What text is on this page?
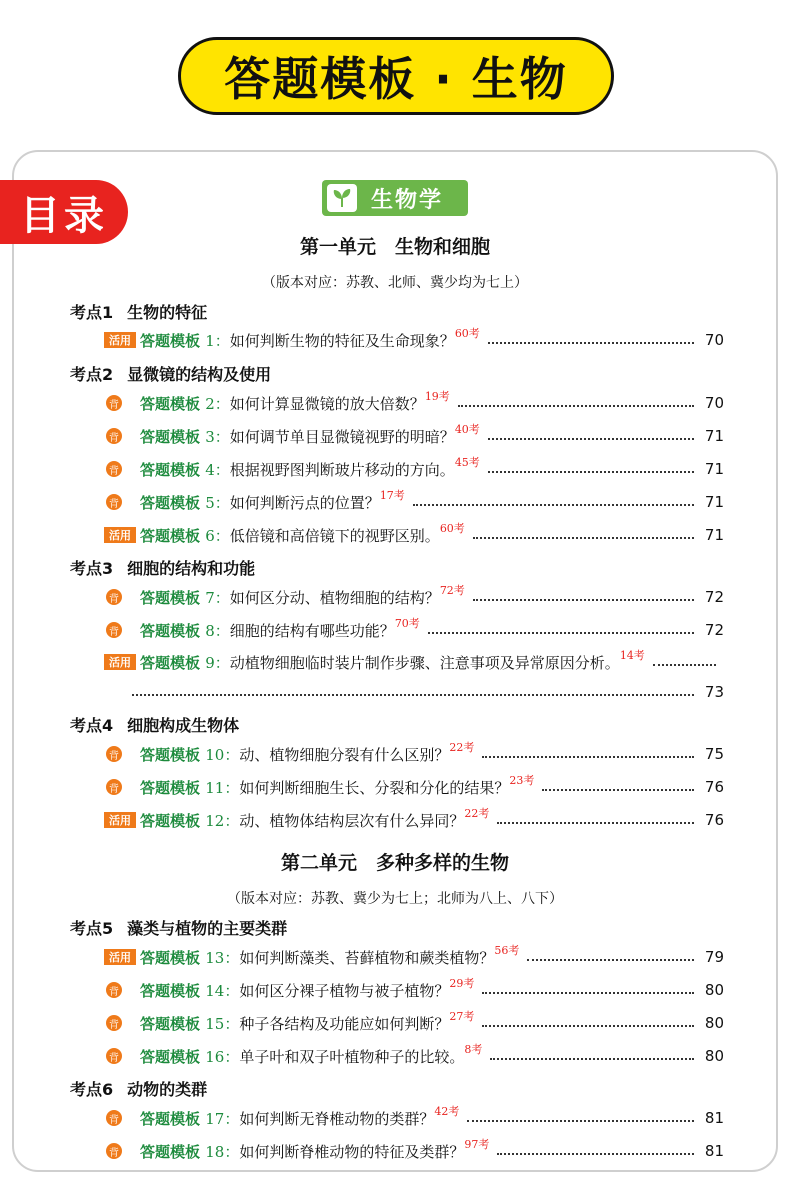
答题模板 · 生物
目录	生物学
第一单元　生物和细胞
（版本对应：苏教、北师、冀少均为七上）
考点1 生物的特征
活用 答题模板 1： 如何判断生物的特征及生命现象？ 60考	70
考点2 显微镜的结构及使用
背 答题模板 2： 如何计算显微镜的放大倍数？ 19考	70
背 答题模板 3： 如何调节单目显微镜视野的明暗？ 40考	71
背 答题模板 4： 根据视野图判断玻片移动的方向。 45考	71
背 答题模板 5： 如何判断污点的位置？ 17考	71
活用 答题模板 6： 低倍镜和高倍镜下的视野区别。 60考	71
考点3 细胞的结构和功能
背 答题模板 7： 如何区分动、植物细胞的结构？ 72考	72
背 答题模板 8： 细胞的结构有哪些功能？ 70考	72
活用 答题模板 9： 动植物细胞临时装片制作步骤、注意事项及异常原因分析。 14考
73
考点4 细胞构成生物体
背 答题模板 10： 动、植物细胞分裂有什么区别？ 22考	75
背 答题模板 11： 如何判断细胞生长、分裂和分化的结果？ 23考	76
活用 答题模板 12： 动、植物体结构层次有什么异同？ 22考	76
第二单元　多种多样的生物
（版本对应：苏教、冀少为七上；北师为八上、八下）
考点5 藻类与植物的主要类群
活用 答题模板 13： 如何判断藻类、苔藓植物和蕨类植物？ 56考	79
背 答题模板 14： 如何区分裸子植物与被子植物？ 29考	80
背 答题模板 15： 种子各结构及功能应如何判断？ 27考	80
背 答题模板 16： 单子叶和双子叶植物种子的比较。 8考	80
考点6 动物的类群
背 答题模板 17： 如何判断无脊椎动物的类群？ 42考	81
背 答题模板 18： 如何判断脊椎动物的特征及类群？ 97考	81
